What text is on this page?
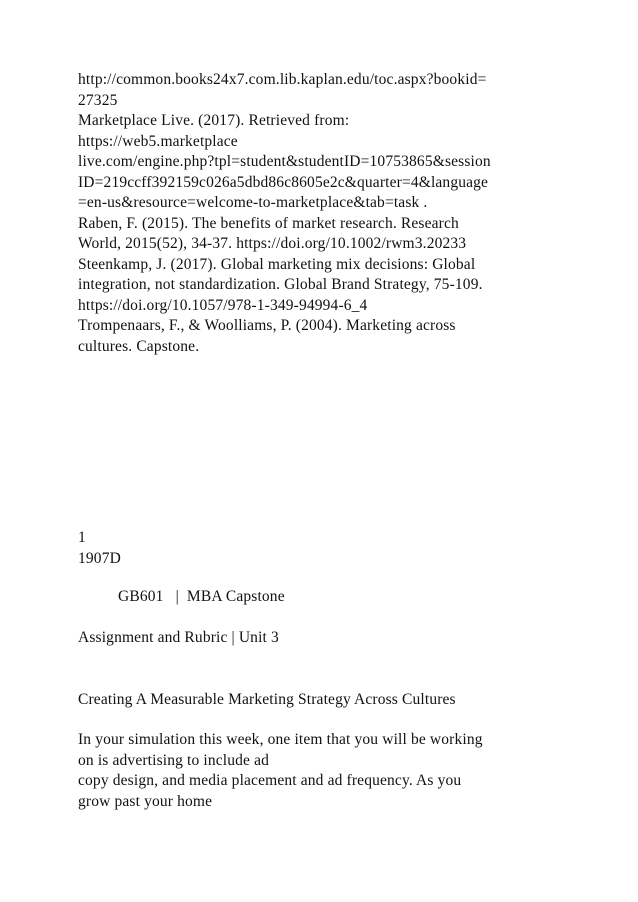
http://common.books24x7.com.lib.kaplan.edu/toc.aspx?bookid=
27325
Marketplace Live. (2017). Retrieved from:
https://web5.marketplace
live.com/engine.php?tpl=student&studentID=10753865&session
ID=219ccff392159c026a5dbd86c8605e2c&quarter=4&language
=en-us&resource=welcome-to-marketplace&tab=task .
Raben, F. (2015). The benefits of market research. Research
World, 2015(52), 34-37. https://doi.org/10.1002/rwm3.20233
Steenkamp, J. (2017). Global marketing mix decisions: Global
integration, not standardization. Global Brand Strategy, 75-109.
https://doi.org/10.1057/978-1-349-94994-6_4
Trompenaars, F., & Woolliams, P. (2004). Marketing across
cultures. Capstone.
1
1907D
GB601   |  MBA Capstone
Assignment and Rubric | Unit 3
Creating A Measurable Marketing Strategy Across Cultures
In your simulation this week, one item that you will be working
on is advertising to include ad
copy design, and media placement and ad frequency. As you
grow past your home
